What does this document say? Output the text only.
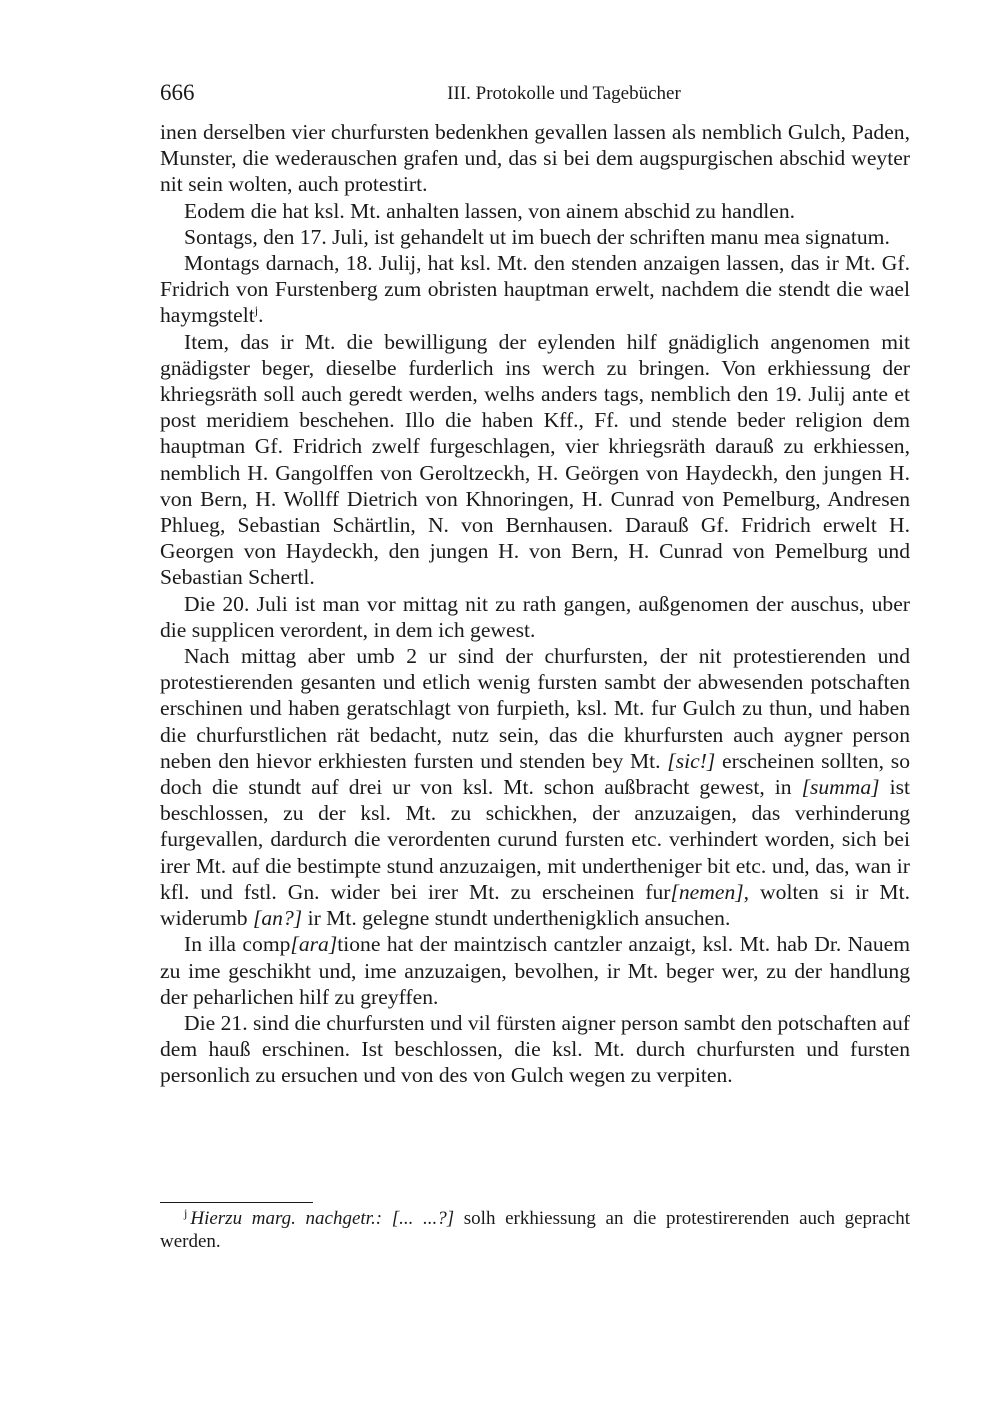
666	III. Protokolle und Tagebücher

inen derselben vier churfursten bedenkhen gevallen lassen als nemblich Gulch, Paden, Munster, die wederauschen grafen und, das si bei dem augspurgischen abschid weyter nit sein wolten, auch protestirt.

Eodem die hat ksl. Mt. anhalten lassen, von ainem abschid zu handlen.

Sontags, den 17. Juli, ist gehandelt ut im buech der schriften manu mea signatum.

Montags darnach, 18. Julij, hat ksl. Mt. den stenden anzaigen lassen, das ir Mt. Gf. Fridrich von Furstenberg zum obristen hauptman erwelt, nachdem die stendt die wael haymgstelt$^j$.

Item, das ir Mt. die bewilligung der eylenden hilf gnädiglich angenomen mit gnädigster beger, dieselbe furderlich ins werch zu bringen. Von erkhiessung der khriegsräth soll auch geredt werden, welhs anders tags, nemblich den 19. Julij ante et post meridiem beschehen. Illo die haben Kff., Ff. und stende beder religion dem hauptman Gf. Fridrich zwelf furgeschlagen, vier khriegsräth darauß zu erkhiessen, nemblich H. Gangolffen von Geroltzeckh, H. Geörgen von Haydeckh, den jungen H. von Bern, H. Wollff Dietrich von Khnoringen, H. Cunrad von Pemelburg, Andresen Phlueg, Sebastian Schärtlin, N. von Bernhausen. Darauß Gf. Fridrich erwelt H. Georgen von Haydeckh, den jungen H. von Bern, H. Cunrad von Pemelburg und Sebastian Schertl.

Die 20. Juli ist man vor mittag nit zu rath gangen, außgenomen der auschus, uber die supplicen verordent, in dem ich gewest.

Nach mittag aber umb 2 ur sind der churfursten, der nit protestierenden und protestierenden gesanten und etlich wenig fursten sambt der abwesenden potschaften erschinen und haben geratschlagt von furpieth, ksl. Mt. fur Gulch zu thun, und haben die churfurstlichen rät bedacht, nutz sein, das die khurfursten auch aygner person neben den hievor erkhiesten fursten und stenden bey Mt. [sic!] erscheinen sollten, so doch die stundt auf drei ur von ksl. Mt. schon außbracht gewest, in [summa] ist beschlossen, zu der ksl. Mt. zu schickhen, der anzuzaigen, das verhinderung furgevallen, dardurch die verordenten curund fursten etc. verhindert worden, sich bei irer Mt. auf die bestimpte stund anzuzaigen, mit undertheniger bit etc. und, das, wan ir kfl. und fstl. Gn. wider bei irer Mt. zu erscheinen fur[nemen], wolten si ir Mt. widerumb [an?] ir Mt. gelegne stundt underthenigklich ansuchen.

In illa comp[ara]tione hat der maintzisch cantzler anzaigt, ksl. Mt. hab Dr. Nauem zu ime geschikht und, ime anzuzaigen, bevolhen, ir Mt. beger wer, zu der handlung der peharlichen hilf zu greyffen.

Die 21. sind die churfursten und vil fürsten aigner person sambt den potschaften auf dem hauß erschinen. Ist beschlossen, die ksl. Mt. durch churfursten und fursten personlich zu ersuchen und von des von Gulch wegen zu verpiten.

$^j$ Hierzu marg. nachgetr.: [... ...?] solh erkhiessung an die protestirerenden auch gepracht werden.
